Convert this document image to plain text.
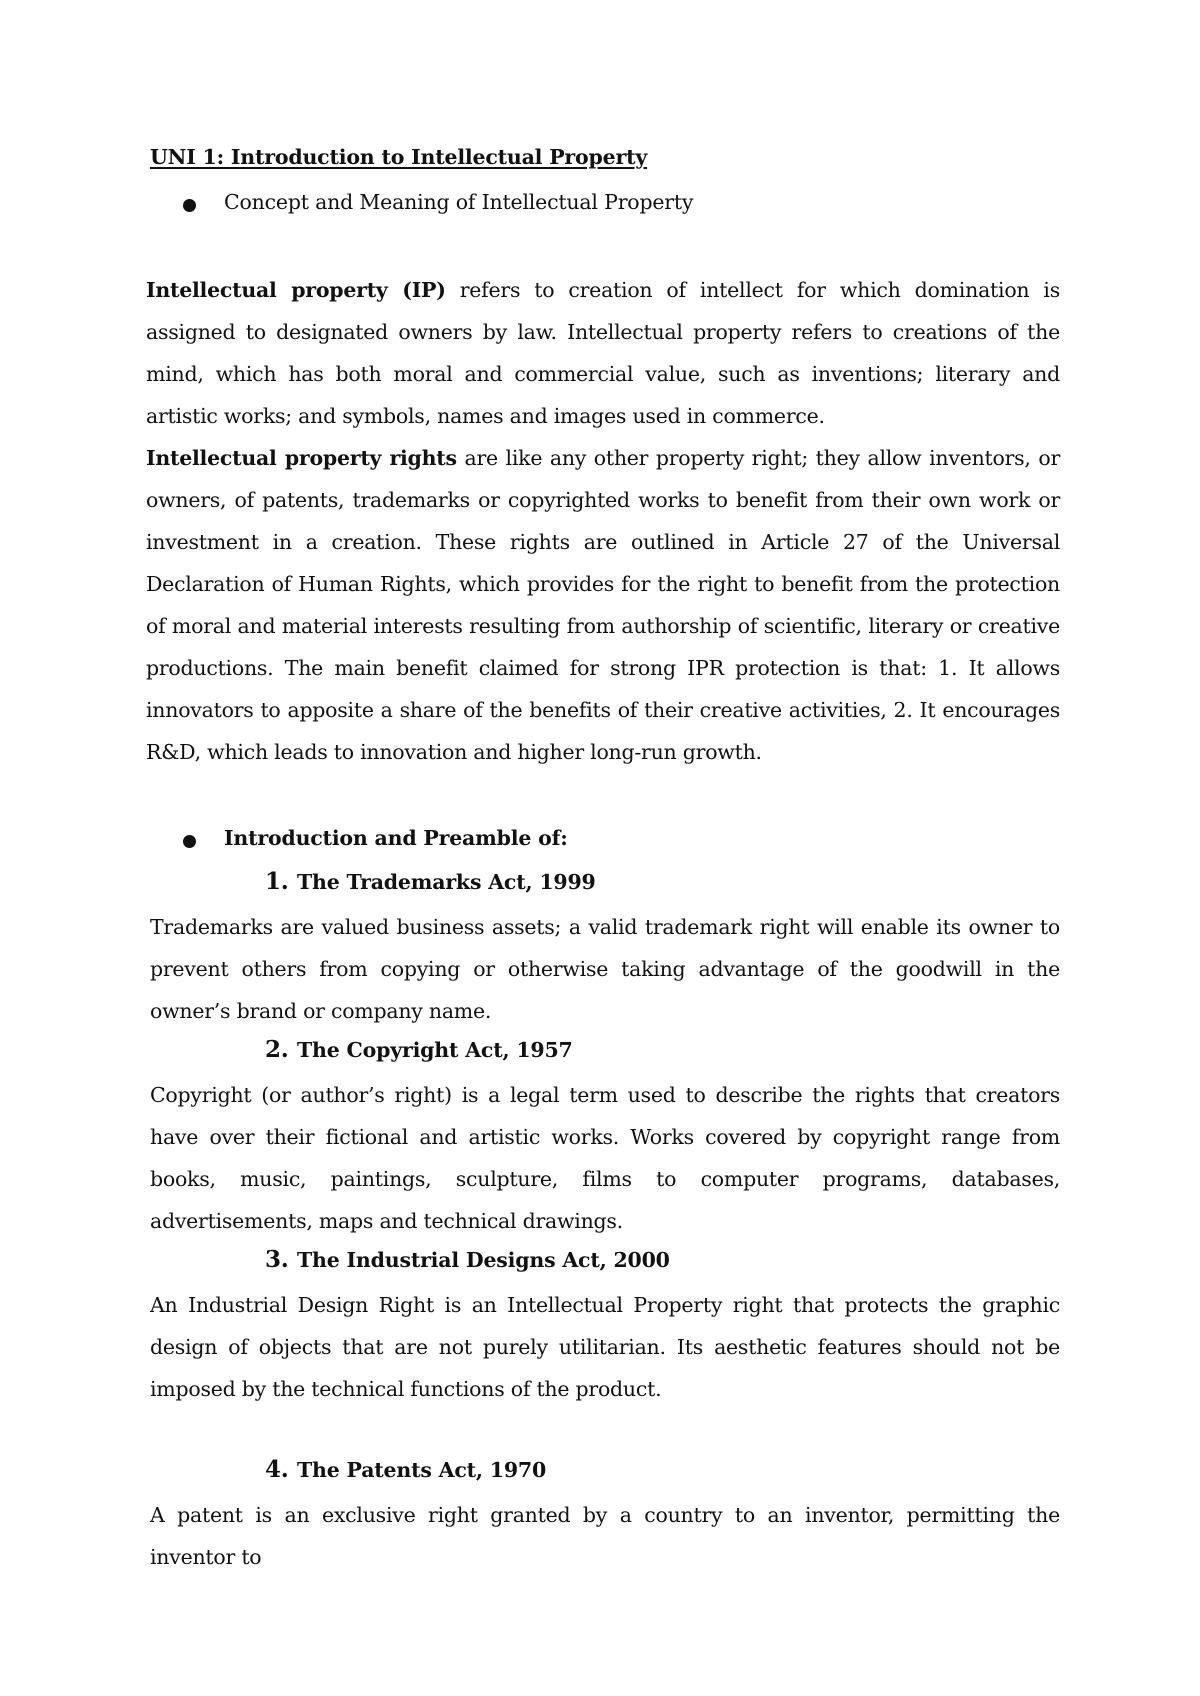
UNI 1: Introduction to Intellectual Property
Concept and Meaning of Intellectual Property
Intellectual property (IP) refers to creation of intellect for which domination is assigned to designated owners by law. Intellectual property refers to creations of the mind, which has both moral and commercial value, such as inventions; literary and artistic works; and symbols, names and images used in commerce.
Intellectual property rights are like any other property right; they allow inventors, or owners, of patents, trademarks or copyrighted works to benefit from their own work or investment in a creation. These rights are outlined in Article 27 of the Universal Declaration of Human Rights, which provides for the right to benefit from the protection of moral and material interests resulting from authorship of scientific, literary or creative productions. The main benefit claimed for strong IPR protection is that: 1. It allows innovators to apposite a share of the benefits of their creative activities, 2. It encourages R&D, which leads to innovation and higher long-run growth.
Introduction and Preamble of:
1. The Trademarks Act, 1999
Trademarks are valued business assets; a valid trademark right will enable its owner to prevent others from copying or otherwise taking advantage of the goodwill in the owner’s brand or company name.
2. The Copyright Act, 1957
Copyright (or author’s right) is a legal term used to describe the rights that creators have over their fictional and artistic works. Works covered by copyright range from books, music, paintings, sculpture, films to computer programs, databases, advertisements, maps and technical drawings.
3. The Industrial Designs Act, 2000
An Industrial Design Right is an Intellectual Property right that protects the graphic design of objects that are not purely utilitarian. Its aesthetic features should not be imposed by the technical functions of the product.
4. The Patents Act, 1970
A patent is an exclusive right granted by a country to an inventor, permitting the inventor to
